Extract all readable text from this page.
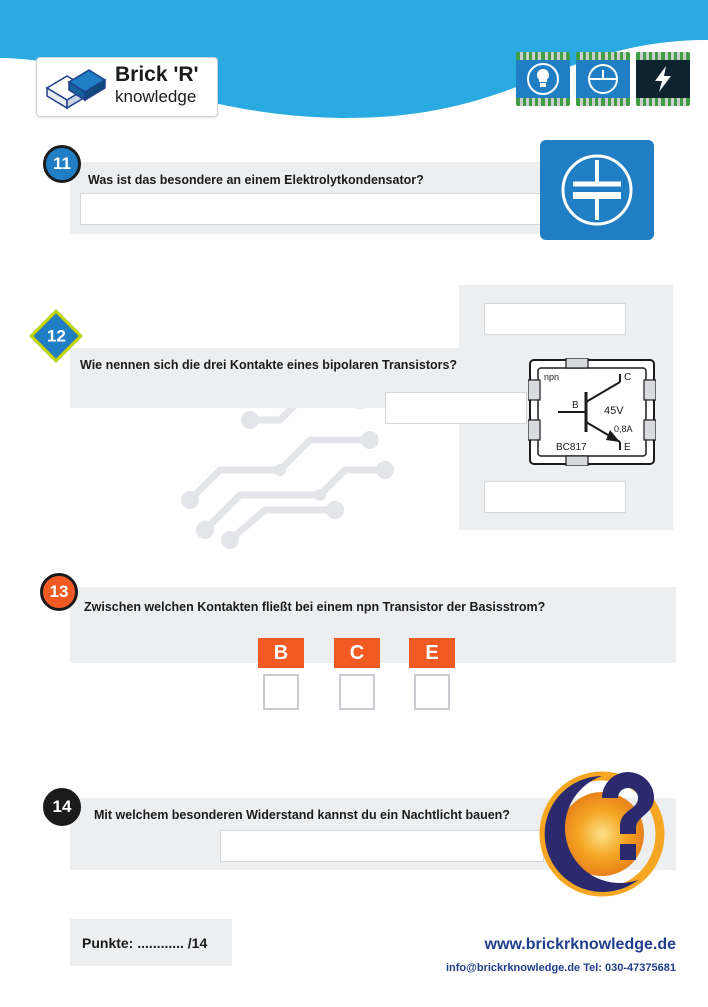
Brick 'R'
knowledge
11
Was ist das besondere an einem Elektrolytkondensator?
12
Wie nennen sich die drei Kontakte eines bipolaren Transistors?
npn	C
B
E
45V
0,8A
BC817
13
Zwischen welchen Kontakten fließt bei einem npn Transistor der Basisstrom?
B	C	E
14 Mit welchem besonderen Widerstand kannst du ein Nachtlicht bauen?
Punkte: ............ /14	www.brickrknowledge.de
info@brickrknowledge.de Tel: 030-47375681
